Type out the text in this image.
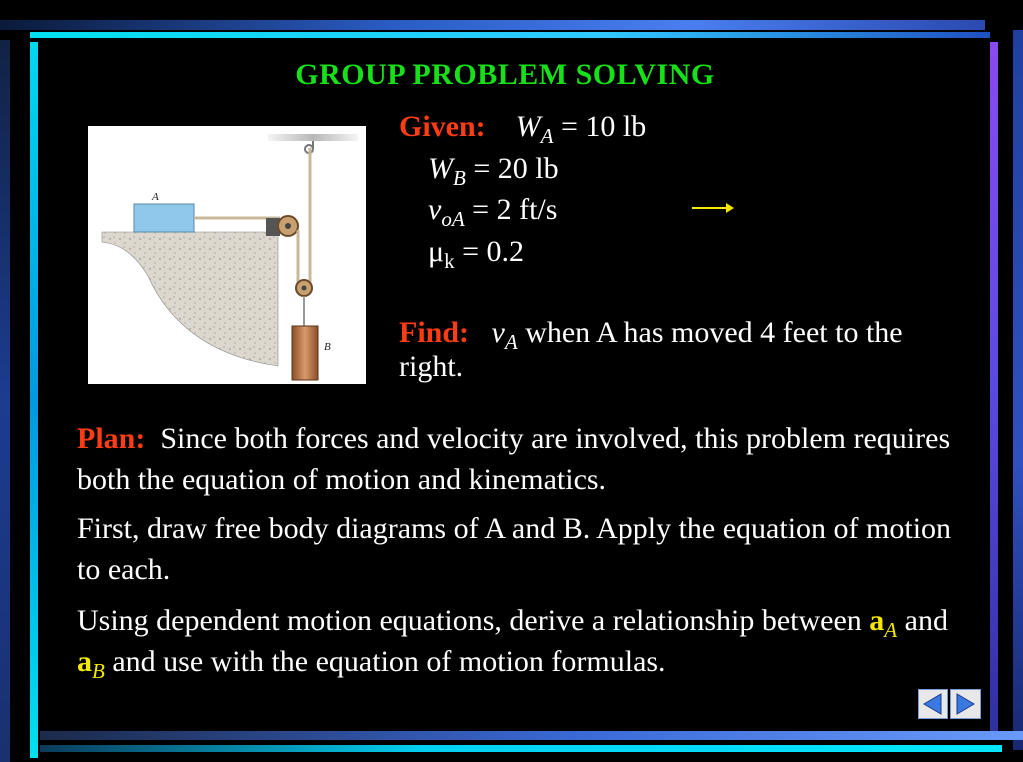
GROUP PROBLEM SOLVING
A
B
Given: $W_A = 10$ lb
$W_B = 20$ lb
$v_{oA} = 2$ ft/s
$\mu_k = 0.2$
Find: $v_A$ when A has moved 4 feet to the right.
Plan: Since both forces and velocity are involved, this problem requires both the equation of motion and kinematics.
First, draw free body diagrams of A and B. Apply the equation of motion to each.
Using dependent motion equations, derive a relationship between $a_A$ and $a_B$ and use with the equation of motion formulas.
